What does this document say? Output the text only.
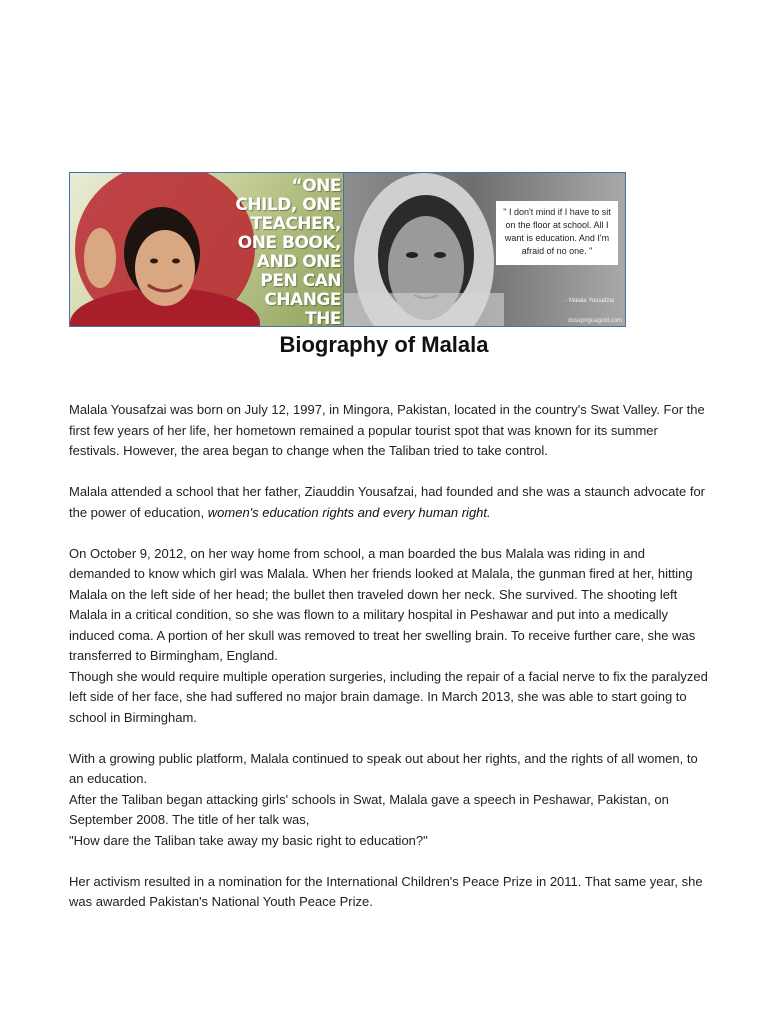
“ONE CHILD, ONE TEACHER, ONE BOOK, AND ONE PEN CAN CHANGE THE
" I don't mind if I have to sit on the floor at school. All I want is education. And I'm afraid of no one. "
- Malala Yousafzai
dosxpriguagold.com
Biography of Malala

Malala Yousafzai was born on July 12, 1997, in Mingora, Pakistan, located in the country's Swat Valley. For the first few years of her life, her hometown remained a popular tourist spot that was known for its summer festivals. However, the area began to change when the Taliban tried to take control.

Malala attended a school that her father, Ziauddin Yousafzai, had founded and she was a staunch advocate for the power of education, women's education rights and every human right.

On October 9, 2012, on her way home from school, a man boarded the bus Malala was riding in and demanded to know which girl was Malala. When her friends looked at Malala, the gunman fired at her, hitting Malala on the left side of her head; the bullet then traveled down her neck. She survived. The shooting left Malala in a critical condition, so she was flown to a military hospital in Peshawar and put into a medically induced coma. A portion of her skull was removed to treat her swelling brain. To receive further care, she was transferred to Birmingham, England.

Though she would require multiple operation surgeries, including the repair of a facial nerve to fix the paralyzed left side of her face, she had suffered no major brain damage. In March 2013, she was able to start going to school in Birmingham.

With a growing public platform, Malala continued to speak out about her rights, and the rights of all women, to an education.

After the Taliban began attacking girls' schools in Swat, Malala gave a speech in Peshawar, Pakistan, on September 2008. The title of her talk was,

"How dare the Taliban take away my basic right to education?"

Her activism resulted in a nomination for the International Children's Peace Prize in 2011. That same year, she was awarded Pakistan's National Youth Peace Prize.
